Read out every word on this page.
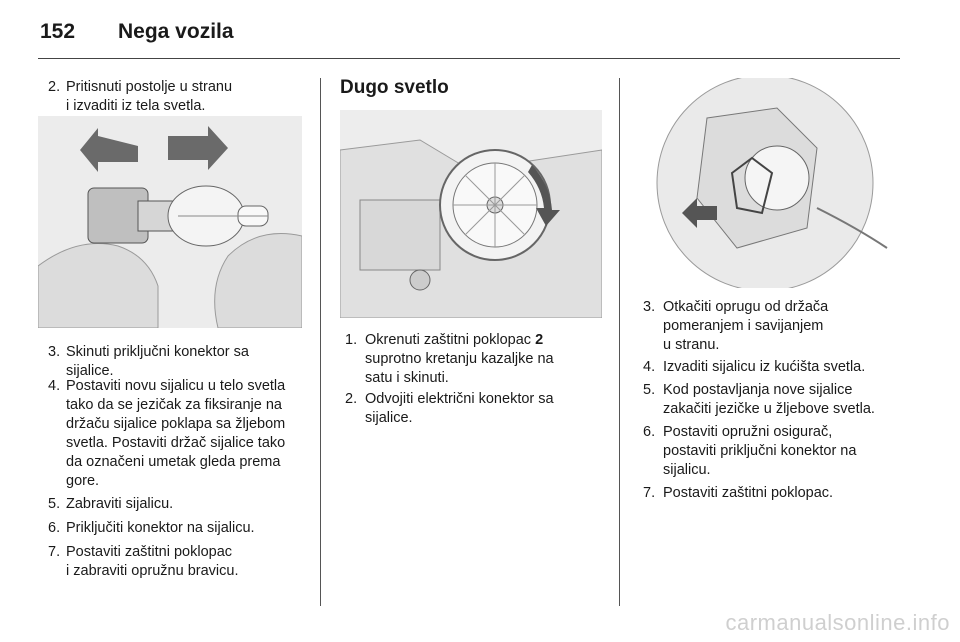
152 Nega vozila
2. Pritisnuti postolje u stranu
i izvaditi iz tela svetla.
3. Skinuti priključni konektor sa
sijalice.
4. Postaviti novu sijalicu u telo svetla
tako da se jezičak za fiksiranje na
držaču sijalice poklapa sa žljebom
svetla. Postaviti držač sijalice tako
da označeni umetak gleda prema
gore.
5. Zabraviti sijalicu.
6. Priključiti konektor na sijalicu.
7. Postaviti zaštitni poklopac
i zabraviti opružnu bravicu.
Dugo svetlo
1. Okrenuti zaštitni poklopac 2
suprotno kretanju kazaljke na
satu i skinuti.
2. Odvojiti električni konektor sa
sijalice.
3. Otkačiti oprugu od držača
pomeranjem i savijanjem
u stranu.
4. Izvaditi sijalicu iz kućišta svetla.
5. Kod postavljanja nove sijalice
zakačiti jezičke u žljebove svetla.
6. Postaviti opružni osigurač,
postaviti priključni konektor na
sijalicu.
7. Postaviti zaštitni poklopac.
carmanualsonline.info
